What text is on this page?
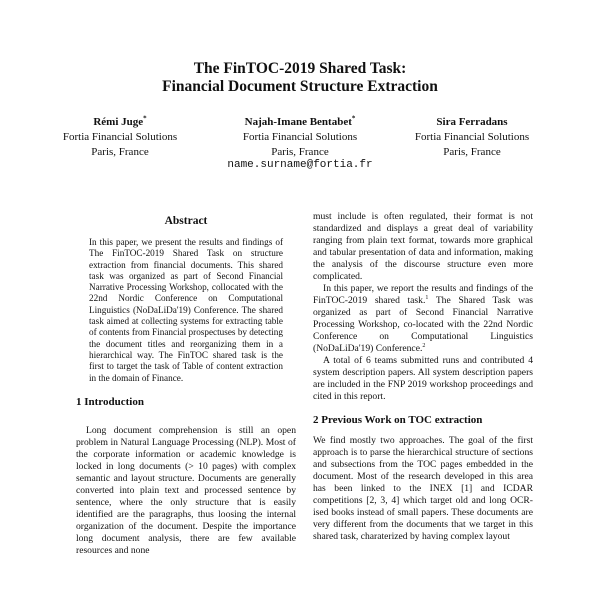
The FinTOC-2019 Shared Task:
Financial Document Structure Extraction
Rémi Juge*
Fortia Financial Solutions
Paris, France
Najah-Imane Bentabet*
Fortia Financial Solutions
Paris, France
Sira Ferradans
Fortia Financial Solutions
Paris, France
name.surname@fortia.fr
Abstract

In this paper, we present the results and findings of The FinTOC-2019 Shared Task on structure extraction from financial documents. This shared task was organized as part of Second Financial Narrative Processing Workshop, collocated with the 22nd Nordic Conference on Computational Linguistics (NoDaLiDa'19) Conference. The shared task aimed at collecting systems for extracting table of contents from Financial prospectuses by detecting the document titles and reorganizing them in a hierarchical way. The FinTOC shared task is the first to target the task of Table of content extraction in the domain of Finance.

1 Introduction

Long document comprehension is still an open problem in Natural Language Processing (NLP). Most of the corporate information or academic knowledge is locked in long documents (> 10 pages) with complex semantic and layout structure. Documents are generally converted into plain text and processed sentence by sentence, where the only structure that is easily identified are the paragraphs, thus loosing the internal organization of the document. Despite the importance long document analysis, there are few available resources and none

must include is often regulated, their format is not standardized and displays a great deal of variability ranging from plain text format, towards more graphical and tabular presentation of data and information, making the analysis of the discourse structure even more complicated.

In this paper, we report the results and findings of the FinTOC-2019 shared task.$^1$ The Shared Task was organized as part of Second Financial Narrative Processing Workshop, co-located with the 22nd Nordic Conference on Computational Linguistics (NoDaLiDa'19) Conference.$^2$

A total of 6 teams submitted runs and contributed 4 system description papers. All system description papers are included in the FNP 2019 workshop proceedings and cited in this report.

2 Previous Work on TOC extraction

We find mostly two approaches. The goal of the first approach is to parse the hierarchical structure of sections and subsections from the TOC pages embedded in the document. Most of the research developed in this area has been linked to the INEX [1] and ICDAR competitions [2, 3, 4] which target old and long OCR-ised books instead of small papers. These documents are very different from the documents that we target in this shared task, charaterized by having complex layout
